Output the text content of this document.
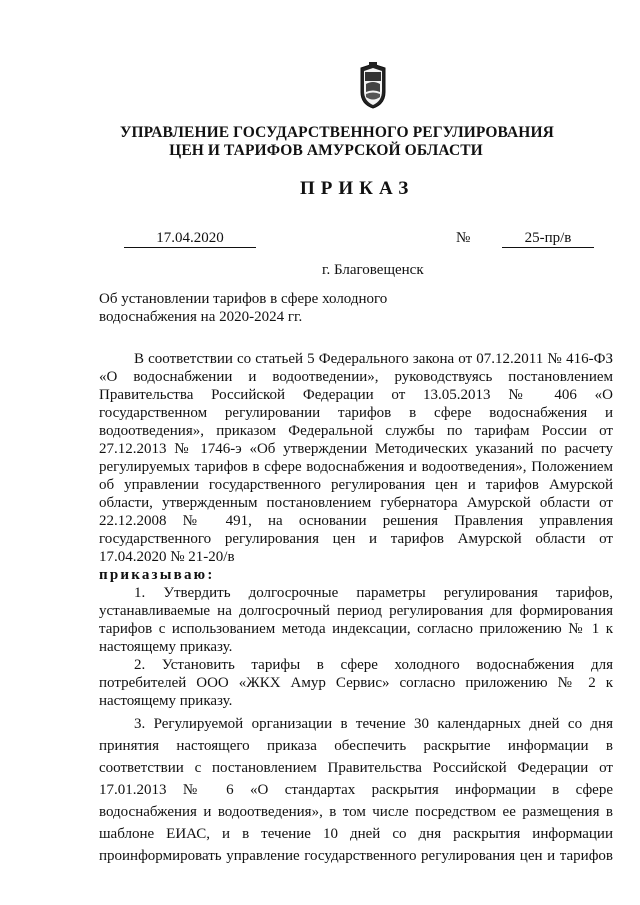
УПРАВЛЕНИЕ ГОСУДАРСТВЕННОГО РЕГУЛИРОВАНИЯ
ЦЕН И ТАРИФОВ АМУРСКОЙ ОБЛАСТИ
ПРИКАЗ
17.04.2020	№	25-пр/в
г. Благовещенск
Об установлении тарифов в сфере холодного
водоснабжения на 2020-2024 гг.
В соответствии со статьей 5 Федерального закона от 07.12.2011 № 416-ФЗ
«О водоснабжении и водоотведении», руководствуясь постановлением
Правительства Российской Федерации от 13.05.2013 № 406 «О
государственном регулировании тарифов в сфере водоснабжения и
водоотведения», приказом Федеральной службы по тарифам России от
27.12.2013 № 1746-э «Об утверждении Методических указаний по расчету
регулируемых тарифов в сфере водоснабжения и водоотведения», Положением
об управлении государственного регулирования цен и тарифов Амурской
области, утвержденным постановлением губернатора Амурской области от
22.12.2008 № 491, на основании решения Правления управления
государственного регулирования цен и тарифов Амурской области от
17.04.2020 № 21-20/в
приказываю:
1. Утвердить долгосрочные параметры регулирования тарифов,
устанавливаемые на долгосрочный период регулирования для формирования
тарифов с использованием метода индексации, согласно приложению № 1 к
настоящему приказу.
2. Установить тарифы в сфере холодного водоснабжения для
потребителей ООО «ЖКХ Амур Сервис» согласно приложению № 2 к
настоящему приказу.
3. Регулируемой организации в течение 30 календарных дней со дня
принятия настоящего приказа обеспечить раскрытие информации в
соответствии с постановлением Правительства Российской Федерации от
17.01.2013 № 6 «О стандартах раскрытия информации в сфере
водоснабжения и водоотведения», в том числе посредством ее размещения в
шаблоне ЕИАС, и в течение 10 дней со дня раскрытия информации
проинформировать управление государственного регулирования цен и тарифов
